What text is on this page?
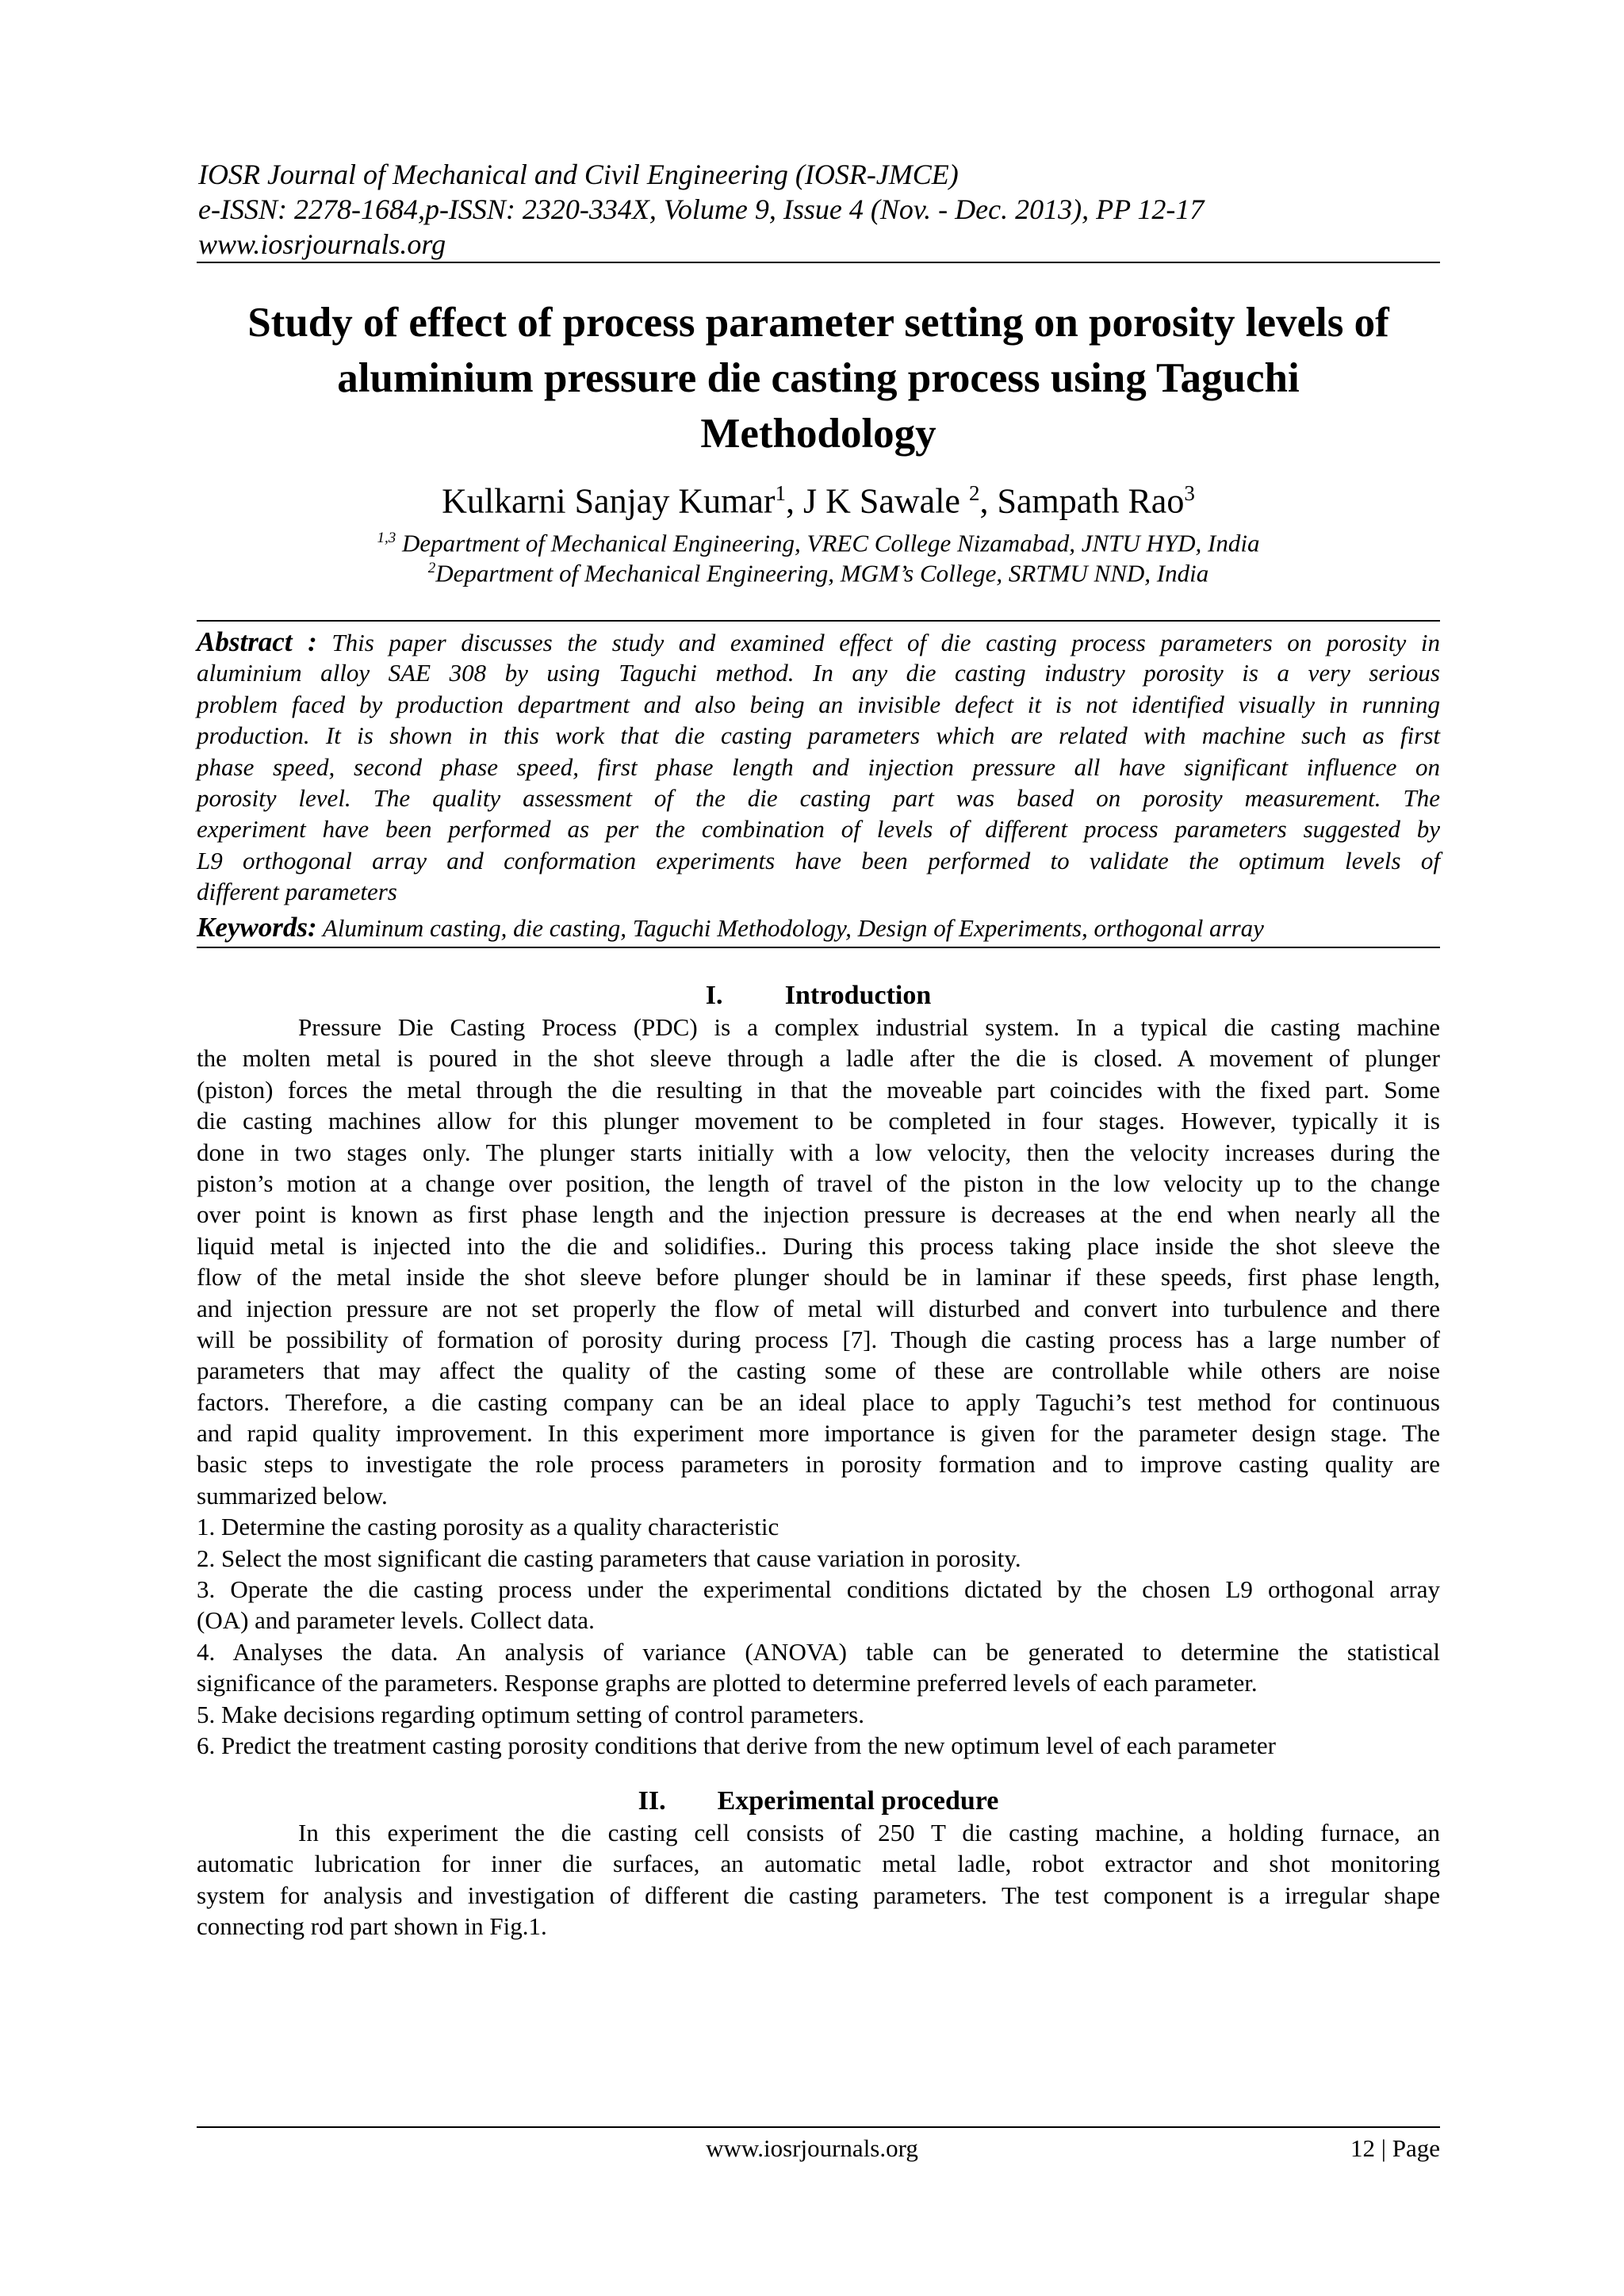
IOSR Journal of Mechanical and Civil Engineering (IOSR-JMCE)
e-ISSN: 2278-1684,p-ISSN: 2320-334X, Volume 9, Issue 4 (Nov. - Dec. 2013), PP 12-17
www.iosrjournals.org
Study of effect of process parameter setting on porosity levels of
aluminium pressure die casting process using Taguchi
Methodology
Kulkarni Sanjay Kumar$^1$, J K Sawale $^2$, Sampath Rao$^3$
$^{1,3}$ Department of Mechanical Engineering, VREC College Nizamabad, JNTU HYD, India
$^2$Department of Mechanical Engineering, MGM’s College, SRTMU NND, India
Abstract : This paper discusses the study and examined effect of die casting process parameters on porosity in
aluminium alloy SAE 308 by using Taguchi method. In any die casting industry porosity is a very serious
problem faced by production department and also being an invisible defect it is not identified visually in running
production. It is shown in this work that die casting parameters which are related with machine such as first
phase speed, second phase speed, first phase length and injection pressure all have significant influence on
porosity level. The quality assessment of the die casting part was based on porosity measurement. The
experiment have been performed as per the combination of levels of different process parameters suggested by
L9 orthogonal array and conformation experiments have been performed to validate the optimum levels of
different parameters
Keywords: Aluminum casting, die casting, Taguchi Methodology, Design of Experiments, orthogonal array
I. Introduction
Pressure Die Casting Process (PDC) is a complex industrial system. In a typical die casting machine
the molten metal is poured in the shot sleeve through a ladle after the die is closed. A movement of plunger
(piston) forces the metal through the die resulting in that the moveable part coincides with the fixed part. Some
die casting machines allow for this plunger movement to be completed in four stages. However, typically it is
done in two stages only. The plunger starts initially with a low velocity, then the velocity increases during the
piston’s motion at a change over position, the length of travel of the piston in the low velocity up to the change
over point is known as first phase length and the injection pressure is decreases at the end when nearly all the
liquid metal is injected into the die and solidifies.. During this process taking place inside the shot sleeve the
flow of the metal inside the shot sleeve before plunger should be in laminar if these speeds, first phase length,
and injection pressure are not set properly the flow of metal will disturbed and convert into turbulence and there
will be possibility of formation of porosity during process [7]. Though die casting process has a large number of
parameters that may affect the quality of the casting some of these are controllable while others are noise
factors. Therefore, a die casting company can be an ideal place to apply Taguchi’s test method for continuous
and rapid quality improvement. In this experiment more importance is given for the parameter design stage. The
basic steps to investigate the role process parameters in porosity formation and to improve casting quality are
summarized below.
1. Determine the casting porosity as a quality characteristic
2. Select the most significant die casting parameters that cause variation in porosity.
3. Operate the die casting process under the experimental conditions dictated by the chosen L9 orthogonal array
(OA) and parameter levels. Collect data.
4. Analyses the data. An analysis of variance (ANOVA) table can be generated to determine the statistical
significance of the parameters. Response graphs are plotted to determine preferred levels of each parameter.
5. Make decisions regarding optimum setting of control parameters.
6. Predict the treatment casting porosity conditions that derive from the new optimum level of each parameter
II. Experimental procedure
In this experiment the die casting cell consists of 250 T die casting machine, a holding furnace, an
automatic lubrication for inner die surfaces, an automatic metal ladle, robot extractor and shot monitoring
system for analysis and investigation of different die casting parameters. The test component is a irregular shape
connecting rod part shown in Fig.1.
www.iosrjournals.org	12 | Page
